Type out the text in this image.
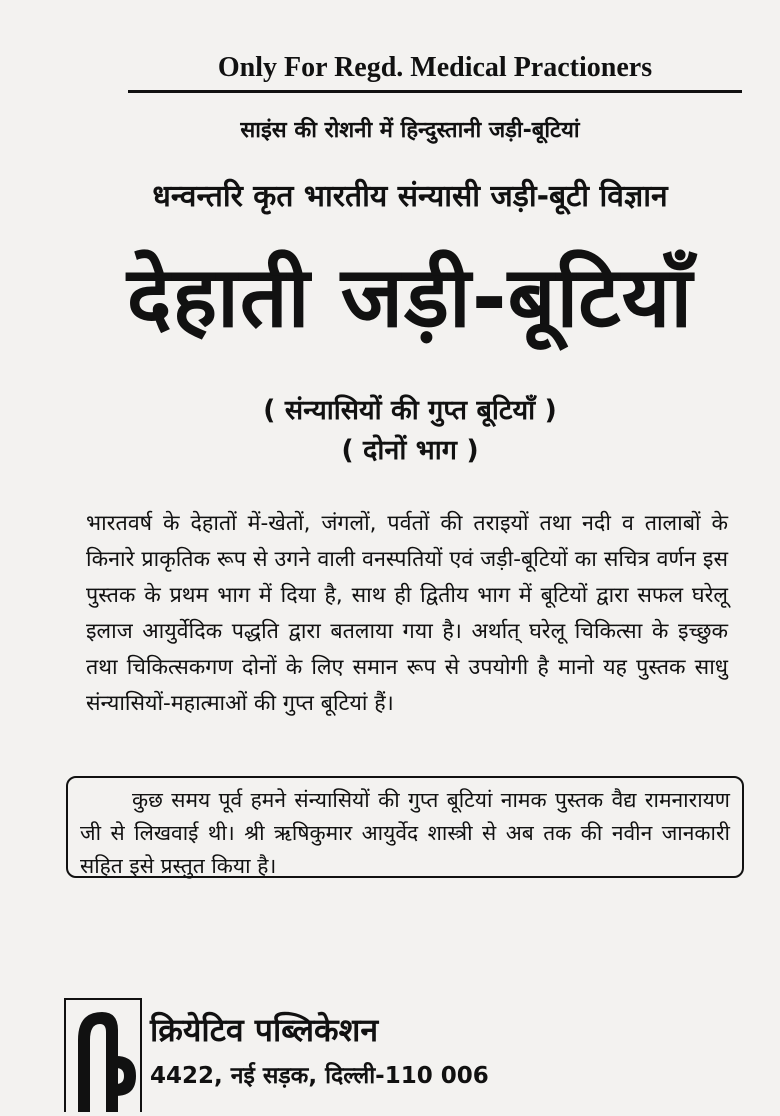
Only For Regd. Medical Practioners
साइंस की रोशनी में हिन्दुस्तानी जड़ी-बूटियां
धन्वन्तरि कृत भारतीय संन्यासी जड़ी-बूटी विज्ञान
देहाती जड़ी-बूटियाँ
( संन्यासियों की गुप्त बूटियाँ )
( दोनों भाग )
भारतवर्ष के देहातों में-खेतों, जंगलों, पर्वतों की तराइयों तथा नदी व तालाबों के किनारे प्राकृतिक रूप से उगने वाली वनस्पतियों एवं जड़ी-बूटियों का सचित्र वर्णन इस पुस्तक के प्रथम भाग में दिया है, साथ ही द्वितीय भाग में बूटियों द्वारा सफल घरेलू इलाज आयुर्वेदिक पद्धति द्वारा बतलाया गया है। अर्थात् घरेलू चिकित्सा के इच्छुक तथा चिकित्सकगण दोनों के लिए समान रूप से उपयोगी है मानो यह पुस्तक साधु संन्यासियों-महात्माओं की गुप्त बूटियां हैं।
कुछ समय पूर्व हमने संन्यासियों की गुप्त बूटियां नामक पुस्तक वैद्य रामनारायण जी से लिखवाई थी। श्री ऋषिकुमार आयुर्वेद शास्त्री से अब तक की नवीन जानकारी सहित इसे प्रस्तुत किया है।
क्रियेटिव पब्लिकेशन
4422, नई सड़क, दिल्ली-110 006
